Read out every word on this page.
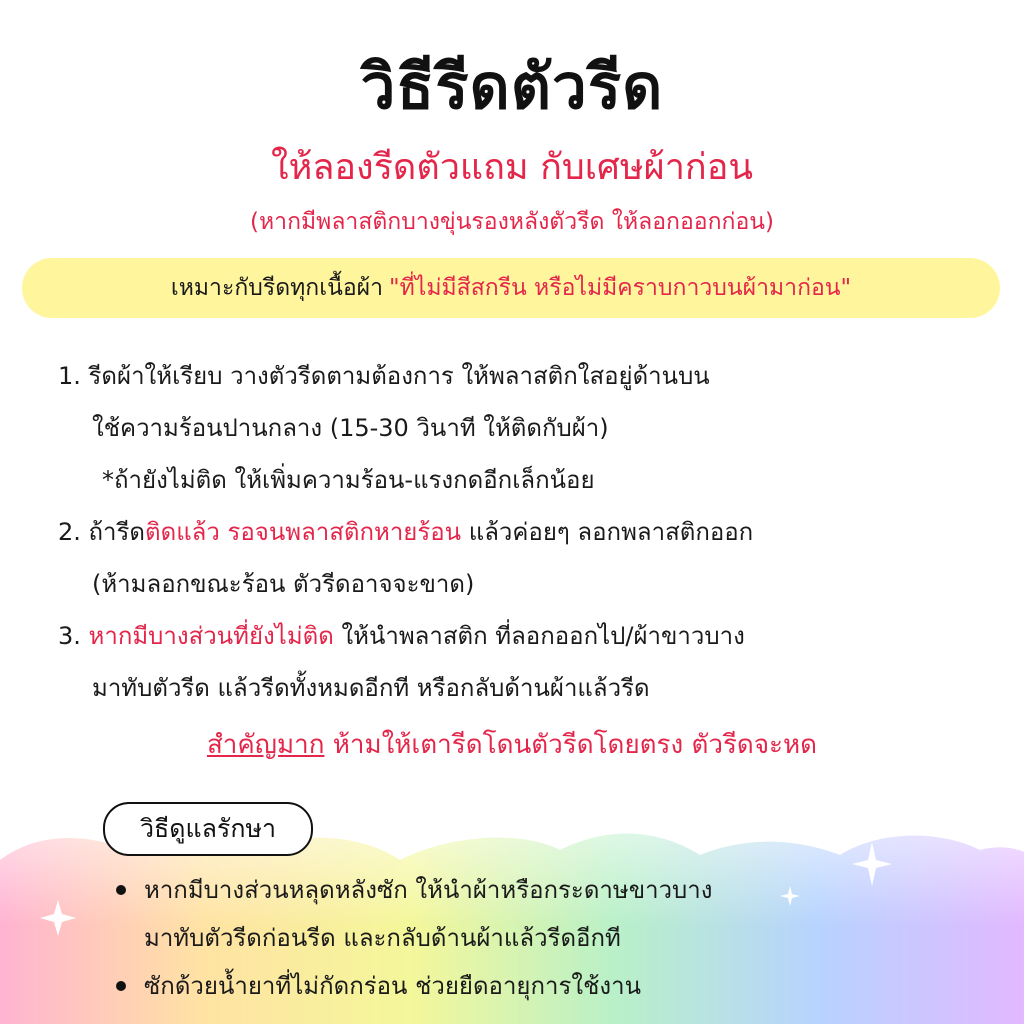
วิธีรีดตัวรีด
ให้ลองรีดตัวแถม กับเศษผ้าก่อน
(หากมีพลาสติกบางขุ่นรองหลังตัวรีด ให้ลอกออกก่อน)
เหมาะกับรีดทุกเนื้อผ้า "ที่ไม่มีสีสกรีน หรือไม่มีคราบกาวบนผ้ามาก่อน"
1. รีดผ้าให้เรียบ วางตัวรีดตามต้องการ ให้พลาสติกใสอยู่ด้านบน
ใช้ความร้อนปานกลาง (15-30 วินาที ให้ติดกับผ้า)
*ถ้ายังไม่ติด ให้เพิ่มความร้อน-แรงกดอีกเล็กน้อย
2. ถ้ารีดติดแล้ว รอจนพลาสติกหายร้อน แล้วค่อยๆ ลอกพลาสติกออก
(ห้ามลอกขณะร้อน ตัวรีดอาจจะขาด)
3. หากมีบางส่วนที่ยังไม่ติด ให้นำพลาสติก ที่ลอกออกไป/ผ้าขาวบาง
มาทับตัวรีด แล้วรีดทั้งหมดอีกที หรือกลับด้านผ้าแล้วรีด
สำคัญมาก ห้ามให้เตารีดโดนตัวรีดโดยตรง ตัวรีดจะหด
วิธีดูแลรักษา
หากมีบางส่วนหลุดหลังซัก ให้นำผ้าหรือกระดาษขาวบาง
มาทับตัวรีดก่อนรีด และกลับด้านผ้าแล้วรีดอีกที
ซักด้วยน้ำยาที่ไม่กัดกร่อน ช่วยยืดอายุการใช้งาน
